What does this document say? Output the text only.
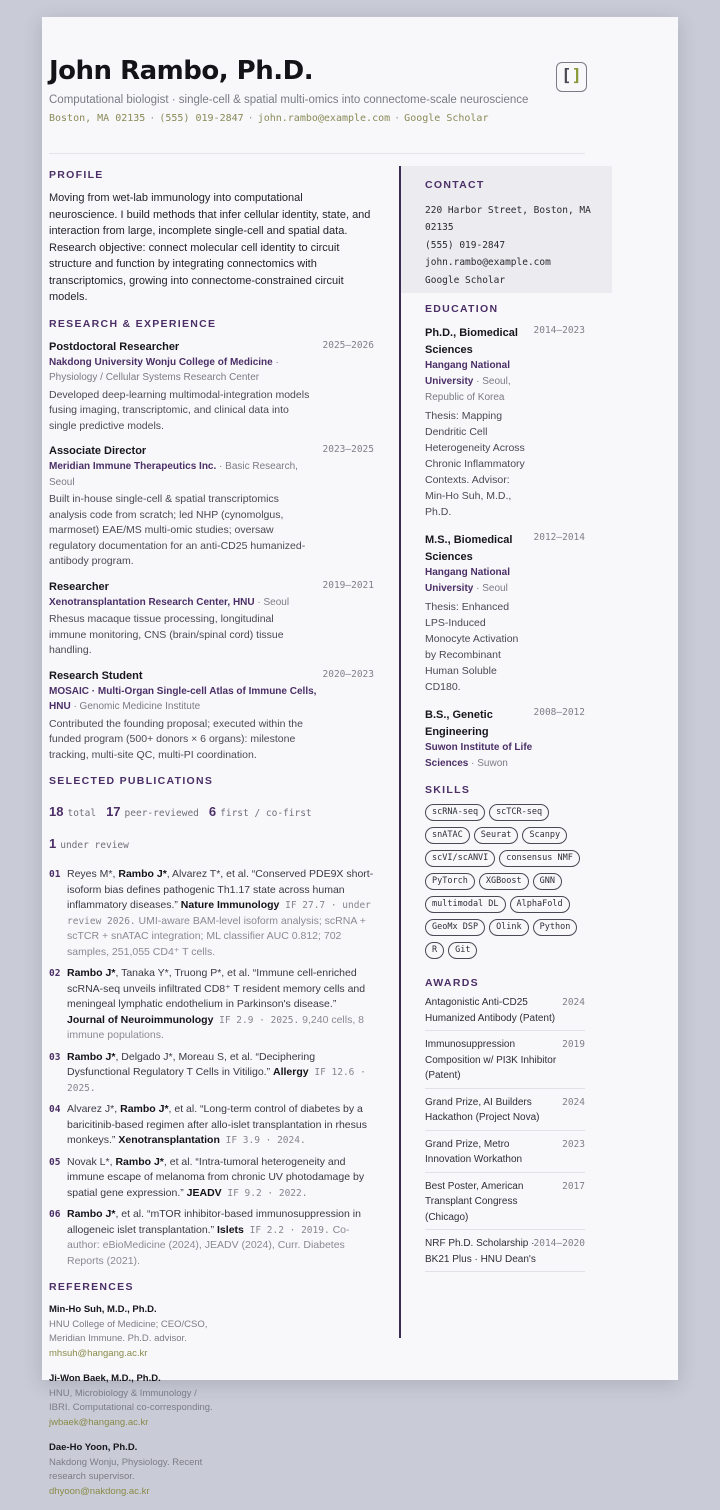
John Rambo, Ph.D.
Computational biologist · single-cell & spatial multi-omics into connectome-scale neuroscience
Boston, MA 02135 · (555) 019-2847 · john.rambo@example.com · Google Scholar
[]
PROFILE
Moving from wet-lab immunology into computational neuroscience. I build methods that infer cellular identity, state, and interaction from large, incomplete single-cell and spatial data. Research objective: connect molecular cell identity to circuit structure and function by integrating connectomics with transcriptomics, growing into connectome-constrained circuit models.
RESEARCH & EXPERIENCE
Postdoctoral Researcher	2025–2026
Nakdong University Wonju College of Medicine · Physiology / Cellular Systems Research Center
Developed deep-learning multimodal-integration models fusing imaging, transcriptomic, and clinical data into single predictive models.
Associate Director	2023–2025
Meridian Immune Therapeutics Inc. · Basic Research, Seoul
Built in-house single-cell & spatial transcriptomics analysis code from scratch; led NHP (cynomolgus, marmoset) EAE/MS multi-omic studies; oversaw regulatory documentation for an anti-CD25 humanized-antibody program.
Researcher	2019–2021
Xenotransplantation Research Center, HNU · Seoul
Rhesus macaque tissue processing, longitudinal immune monitoring, CNS (brain/spinal cord) tissue handling.
Research Student	2020–2023
MOSAIC · Multi-Organ Single-cell Atlas of Immune Cells, HNU · Genomic Medicine Institute
Contributed the founding proposal; executed within the funded program (500+ donors × 6 organs): milestone tracking, multi-site QC, multi-PI coordination.
SELECTED PUBLICATIONS
18 total 17 peer-reviewed 6 first / co-first
1 under review
01 Reyes M*, Rambo J*, Alvarez T*, et al. “Conserved PDE9X short-isoform bias defines pathogenic Th1.17 state across human inflammatory diseases.” Nature Immunology IF 27.7 · under review 2026. UMI-aware BAM-level isoform analysis; scRNA + scTCR + snATAC integration; ML classifier AUC 0.812; 702 samples, 251,055 CD4⁺ T cells.
02 Rambo J*, Tanaka Y*, Truong P*, et al. “Immune cell-enriched scRNA-seq unveils infiltrated CD8⁺ T resident memory cells and meningeal lymphatic endothelium in Parkinson's disease.” Journal of Neuroimmunology IF 2.9 · 2025. 9,240 cells, 8 immune populations.
03 Rambo J*, Delgado J*, Moreau S, et al. “Deciphering Dysfunctional Regulatory T Cells in Vitiligo.” Allergy IF 12.6 · 2025.
04 Alvarez J*, Rambo J*, et al. “Long-term control of diabetes by a baricitinib-based regimen after allo-islet transplantation in rhesus monkeys.” Xenotransplantation IF 3.9 · 2024.
05 Novak L*, Rambo J*, et al. “Intra-tumoral heterogeneity and immune escape of melanoma from chronic UV photodamage by spatial gene expression.” JEADV IF 9.2 · 2022.
06 Rambo J*, et al. “mTOR inhibitor-based immunosuppression in allogeneic islet transplantation.” Islets IF 2.2 · 2019. Co-author: eBioMedicine (2024), JEADV (2024), Curr. Diabetes Reports (2021).
REFERENCES
Min-Ho Suh, M.D., Ph.D.
HNU College of Medicine; CEO/CSO, Meridian Immune. Ph.D. advisor.
mhsuh@hangang.ac.kr
Ji-Won Baek, M.D., Ph.D.
HNU, Microbiology & Immunology / IBRI. Computational co-corresponding.
jwbaek@hangang.ac.kr
Dae-Ho Yoon, Ph.D.
Nakdong Wonju, Physiology. Recent research supervisor.
dhyoon@nakdong.ac.kr
CONTACT
220 Harbor Street, Boston, MA 02135
(555) 019-2847
john.rambo@example.com
Google Scholar
EDUCATION
Ph.D., Biomedical Sciences
2014–2023
Hangang National University · Seoul, Republic of Korea
Thesis: Mapping Dendritic Cell Heterogeneity Across Chronic Inflammatory Contexts. Advisor: Min-Ho Suh, M.D., Ph.D.
M.S., Biomedical Sciences
2012–2014
Hangang National University · Seoul
Thesis: Enhanced LPS-Induced Monocyte Activation by Recombinant Human Soluble CD180.
B.S., Genetic Engineering
2008–2012
Suwon Institute of Life Sciences · Suwon
SKILLS
scRNA-seq	scTCR-seq
snATAC	Seurat	Scanpy
scVI/scANVI	consensus NMF
PyTorch	XGBoost	GNN
multimodal DL	AlphaFold
GeoMx DSP	Olink	Python
R	Git
AWARDS
Antagonistic Anti-CD25 Humanized Antibody (Patent)
2024
Immunosuppression Composition w/ PI3K Inhibitor (Patent)
2019
Grand Prize, AI Builders Hackathon (Project Nova)
2024
Grand Prize, Metro Innovation Workathon
2023
Best Poster, American Transplant Congress (Chicago)
2017
NRF Ph.D. Scholarship · BK21 Plus · HNU Dean's
2014–2020
